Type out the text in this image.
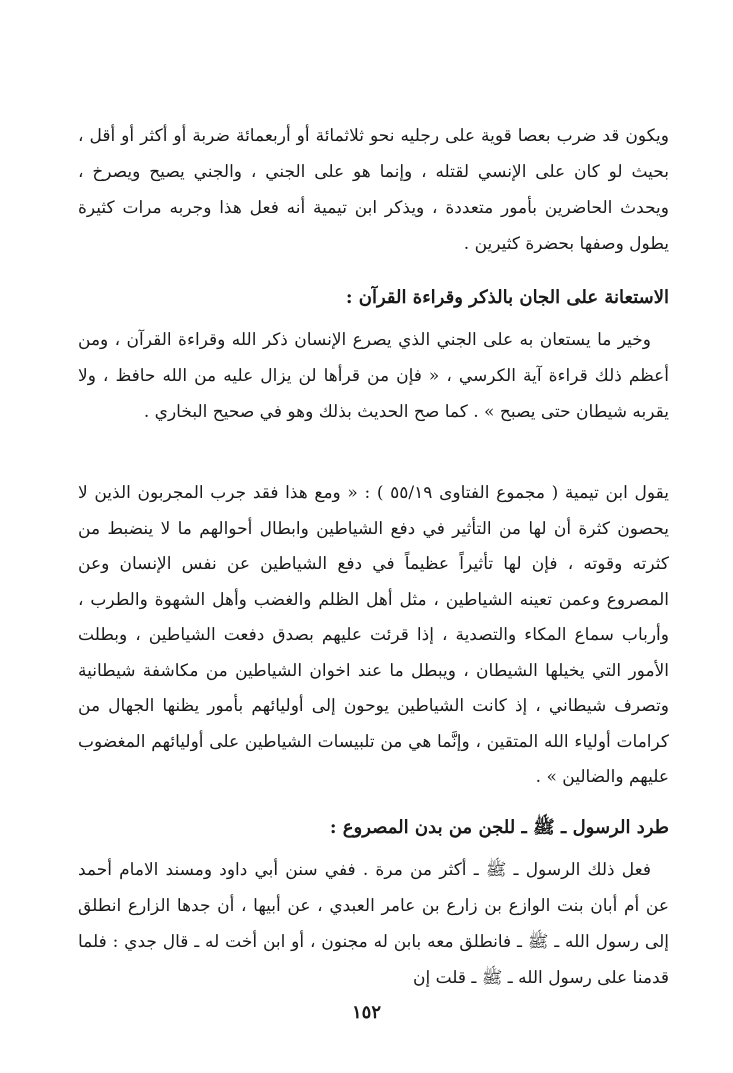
ويكون قد ضرب بعصا قوية على رجليه نحو ثلاثمائة أو أربعمائة ضربة أو أكثر أو أقل ، بحيث لو كان على الإنسي لقتله ، وإنما هو على الجني ، والجني يصيح ويصرخ ، ويحدث الحاضرين بأمور متعددة ، ويذكر ابن تيمية أنه فعل هذا وجربه مرات كثيرة يطول وصفها بحضرة كثيرين .

الاستعانة على الجان بالذكر وقراءة القرآن :

وخير ما يستعان به على الجني الذي يصرع الإنسان ذكر الله وقراءة القرآن ، ومن أعظم ذلك قراءة آية الكرسي ، « فإن من قرأها لن يزال عليه من الله حافظ ، ولا يقربه شيطان حتى يصبح » . كما صح الحديث بذلك وهو في صحيح البخاري .

يقول ابن تيمية ( مجموع الفتاوى ٥٥/١٩ ) : « ومع هذا فقد جرب المجربون الذين لا يحصون كثرة أن لها من التأثير في دفع الشياطين وابطال أحوالهم ما لا ينضبط من كثرته وقوته ، فإن لها تأثيراً عظيماً في دفع الشياطين عن نفس الإنسان وعن المصروع وعمن تعينه الشياطين ، مثل أهل الظلم والغضب وأهل الشهوة والطرب ، وأرباب سماع المكاء والتصدية ، إذا قرئت عليهم بصدق دفعت الشياطين ، وبطلت الأمور التي يخيلها الشيطان ، ويبطل ما عند اخوان الشياطين من مكاشفة شيطانية وتصرف شيطاني ، إذ كانت الشياطين يوحون إلى أوليائهم بأمور يظنها الجهال من كرامات أولياء الله المتقين ، وإنَّما هي من تلبيسات الشياطين على أوليائهم المغضوب عليهم والضالين » .

طرد الرسول ـ ﷺ ـ للجن من بدن المصروع :

فعل ذلك الرسول ـ ﷺ ـ أكثر من مرة . ففي سنن أبي داود ومسند الامام أحمد عن أم أبان بنت الوازع بن زارع بن عامر العبدي ، عن أبيها ، أن جدها الزارع انطلق إلى رسول الله ـ ﷺ ـ فانطلق معه بابن له مجنون ، أو ابن أخت له ـ قال جدي : فلما قدمنا على رسول الله ـ ﷺ ـ قلت إن

١٥٢
